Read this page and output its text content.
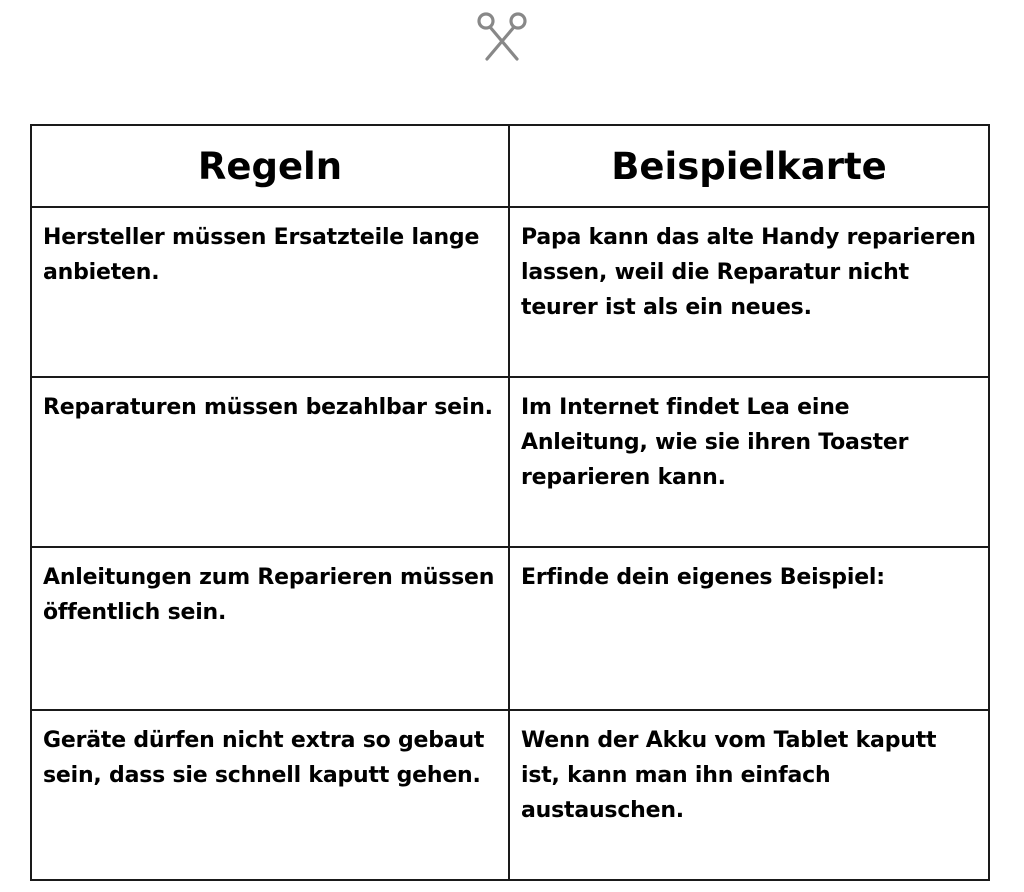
Regeln	Beispielkarte
Hersteller müssen Ersatzteile lange anbieten.	Papa kann das alte Handy reparieren lassen, weil die Reparatur nicht teurer ist als ein neues.
Reparaturen müssen bezahlbar sein.	Im Internet findet Lea eine Anleitung, wie sie ihren Toaster reparieren kann.
Anleitungen zum Reparieren müssen öffentlich sein.	Erfinde dein eigenes Beispiel:
Geräte dürfen nicht extra so gebaut sein, dass sie schnell kaputt gehen.	Wenn der Akku vom Tablet kaputt ist, kann man ihn einfach austauschen.
